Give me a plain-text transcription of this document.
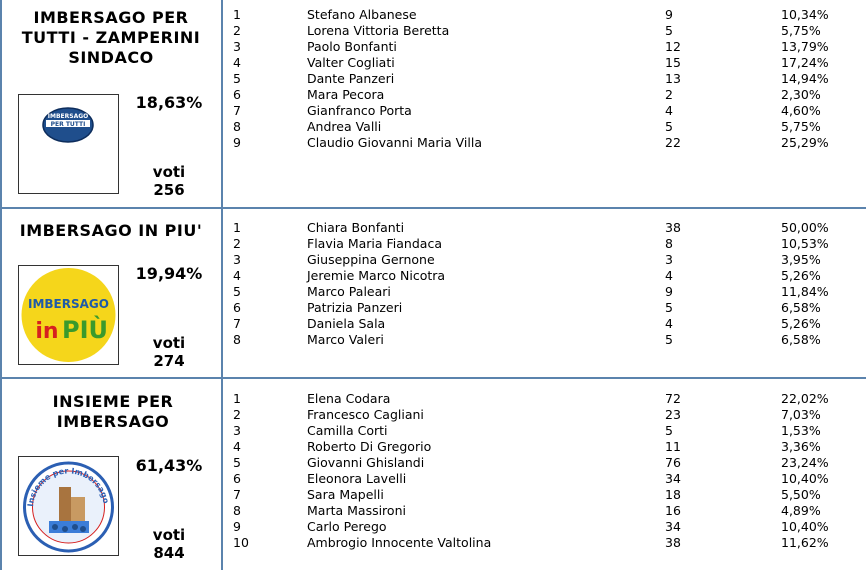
IMBERSAGO PER TUTTI - ZAMPERINI SINDACO
IMBERSAGO
PER TUTTI
18,63%
voti
256
1	Stefano Albanese	9	10,34%
2	Lorena Vittoria Beretta	5	5,75%
3	Paolo Bonfanti	12	13,79%
4	Valter Cogliati	15	17,24%
5	Dante Panzeri	13	14,94%
6	Mara Pecora	2	2,30%
7	Gianfranco Porta	4	4,60%
8	Andrea Valli	5	5,75%
9	Claudio Giovanni Maria Villa	22	25,29%
IMBERSAGO IN PIU'
IMBERSAGO
in PIÙ
19,94%
voti
274
1	Chiara Bonfanti	38	50,00%
2	Flavia Maria Fiandaca	8	10,53%
3	Giuseppina Gernone	3	3,95%
4	Jeremie Marco Nicotra	4	5,26%
5	Marco Paleari	9	11,84%
6	Patrizia Panzeri	5	6,58%
7	Daniela Sala	4	5,26%
8	Marco Valeri	5	6,58%
INSIEME PER IMBERSAGO
Insieme per Imbersago
61,43%
voti
844
1	Elena Codara	72	22,02%
2	Francesco Cagliani	23	7,03%
3	Camilla Corti	5	1,53%
4	Roberto Di Gregorio	11	3,36%
5	Giovanni Ghislandi	76	23,24%
6	Eleonora Lavelli	34	10,40%
7	Sara Mapelli	18	5,50%
8	Marta Massironi	16	4,89%
9	Carlo Perego	34	10,40%
10	Ambrogio Innocente Valtolina	38	11,62%
